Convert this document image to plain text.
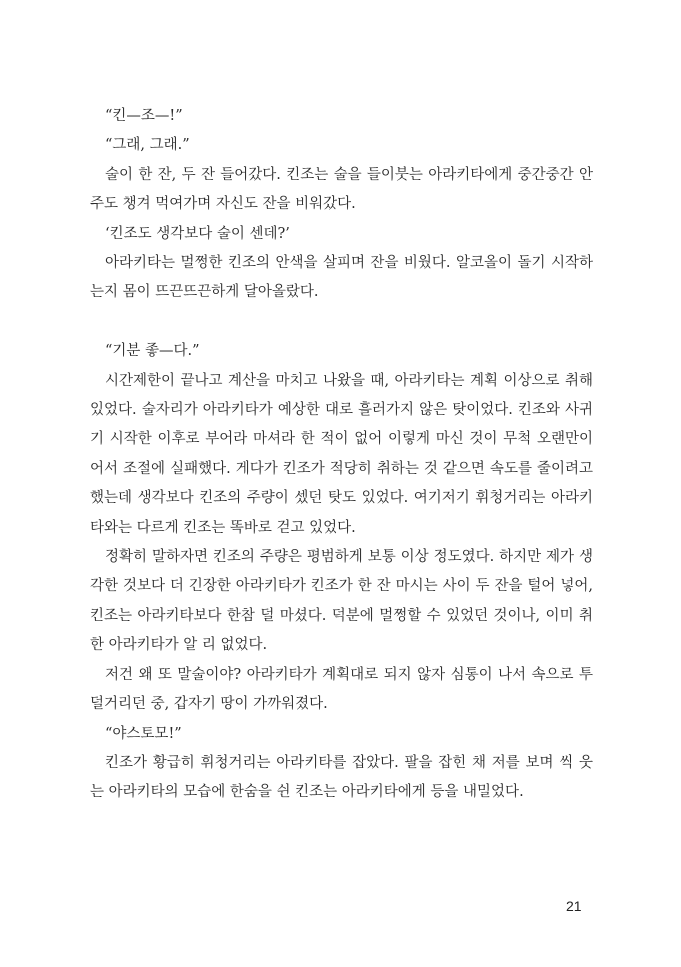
“킨—조—!”

“그래, 그래.”

술이 한 잔, 두 잔 들어갔다. 킨조는 술을 들이붓는 아라키타에게 중간중간 안주도 챙겨 먹여가며 자신도 잔을 비워갔다.

‘킨조도 생각보다 술이 센데?’

아라키타는 멀쩡한 킨조의 안색을 살피며 잔을 비웠다. 알코올이 돌기 시작하는지 몸이 뜨끈뜨끈하게 달아올랐다.

“기분 좋—다.”

시간제한이 끝나고 계산을 마치고 나왔을 때, 아라키타는 계획 이상으로 취해 있었다. 술자리가 아라키타가 예상한 대로 흘러가지 않은 탓이었다. 킨조와 사귀기 시작한 이후로 부어라 마셔라 한 적이 없어 이렇게 마신 것이 무척 오랜만이어서 조절에 실패했다. 게다가 킨조가 적당히 취하는 것 같으면 속도를 줄이려고 했는데 생각보다 킨조의 주량이 셌던 탓도 있었다. 여기저기 휘청거리는 아라키타와는 다르게 킨조는 똑바로 걷고 있었다.

정확히 말하자면 킨조의 주량은 평범하게 보통 이상 정도였다. 하지만 제가 생각한 것보다 더 긴장한 아라키타가 킨조가 한 잔 마시는 사이 두 잔을 털어 넣어, 킨조는 아라키타보다 한참 덜 마셨다. 덕분에 멀쩡할 수 있었던 것이나, 이미 취한 아라키타가 알 리 없었다.

저건 왜 또 말술이야? 아라키타가 계획대로 되지 않자 심통이 나서 속으로 투덜거리던 중, 갑자기 땅이 가까워졌다.

“야스토모!”

킨조가 황급히 휘청거리는 아라키타를 잡았다. 팔을 잡힌 채 저를 보며 씩 웃는 아라키타의 모습에 한숨을 쉰 킨조는 아라키타에게 등을 내밀었다.

21
